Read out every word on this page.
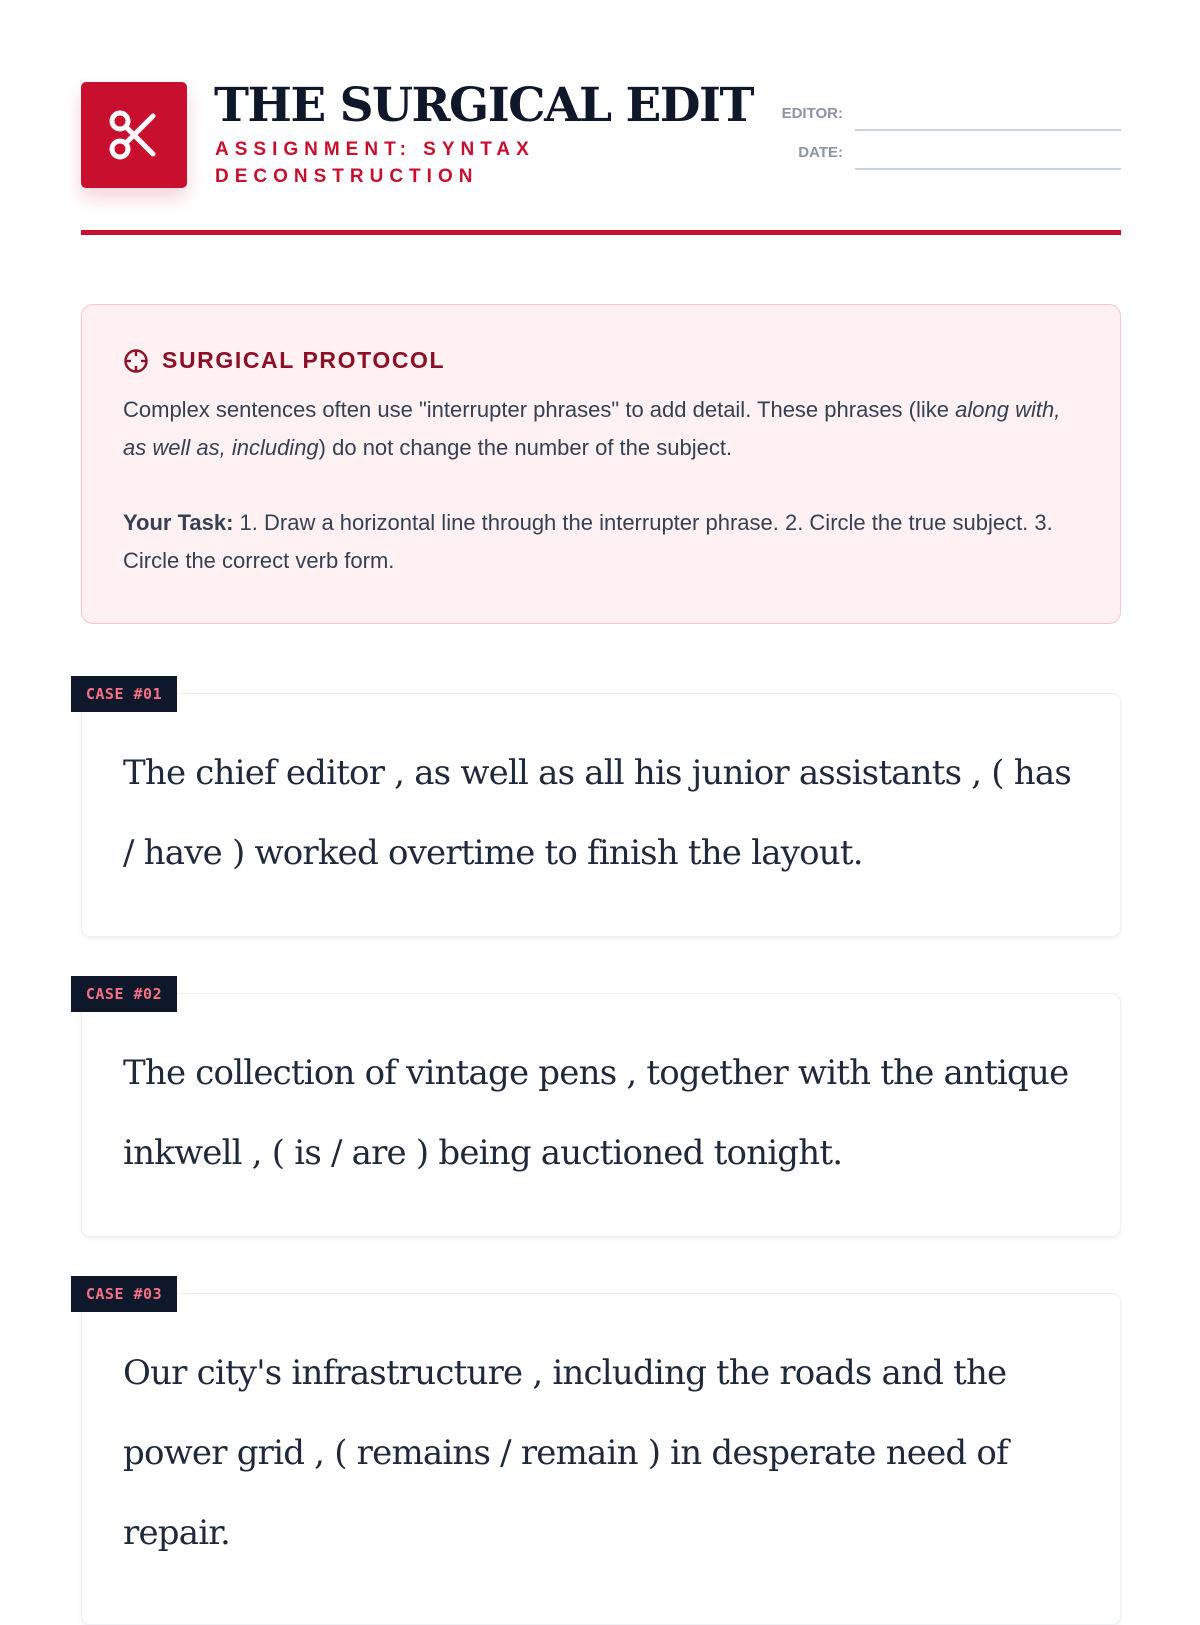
THE SURGICAL EDIT
ASSIGNMENT: SYNTAX DECONSTRUCTION
EDITOR:
DATE:
SURGICAL PROTOCOL

Complex sentences often use "interrupter phrases" to add detail. These phrases (like along with, as well as, including) do not change the number of the subject.

Your Task: 1. Draw a horizontal line through the interrupter phrase. 2. Circle the true subject. 3. Circle the correct verb form.

The chief editor , as well as all his junior assistants , ( has / have ) worked overtime to finish the layout.
CASE #01
The collection of vintage pens , together with the antique inkwell , ( is / are ) being auctioned tonight.
CASE #02
Our city's infrastructure , including the roads and the power grid , ( remains / remain ) in desperate need of repair.
CASE #03
